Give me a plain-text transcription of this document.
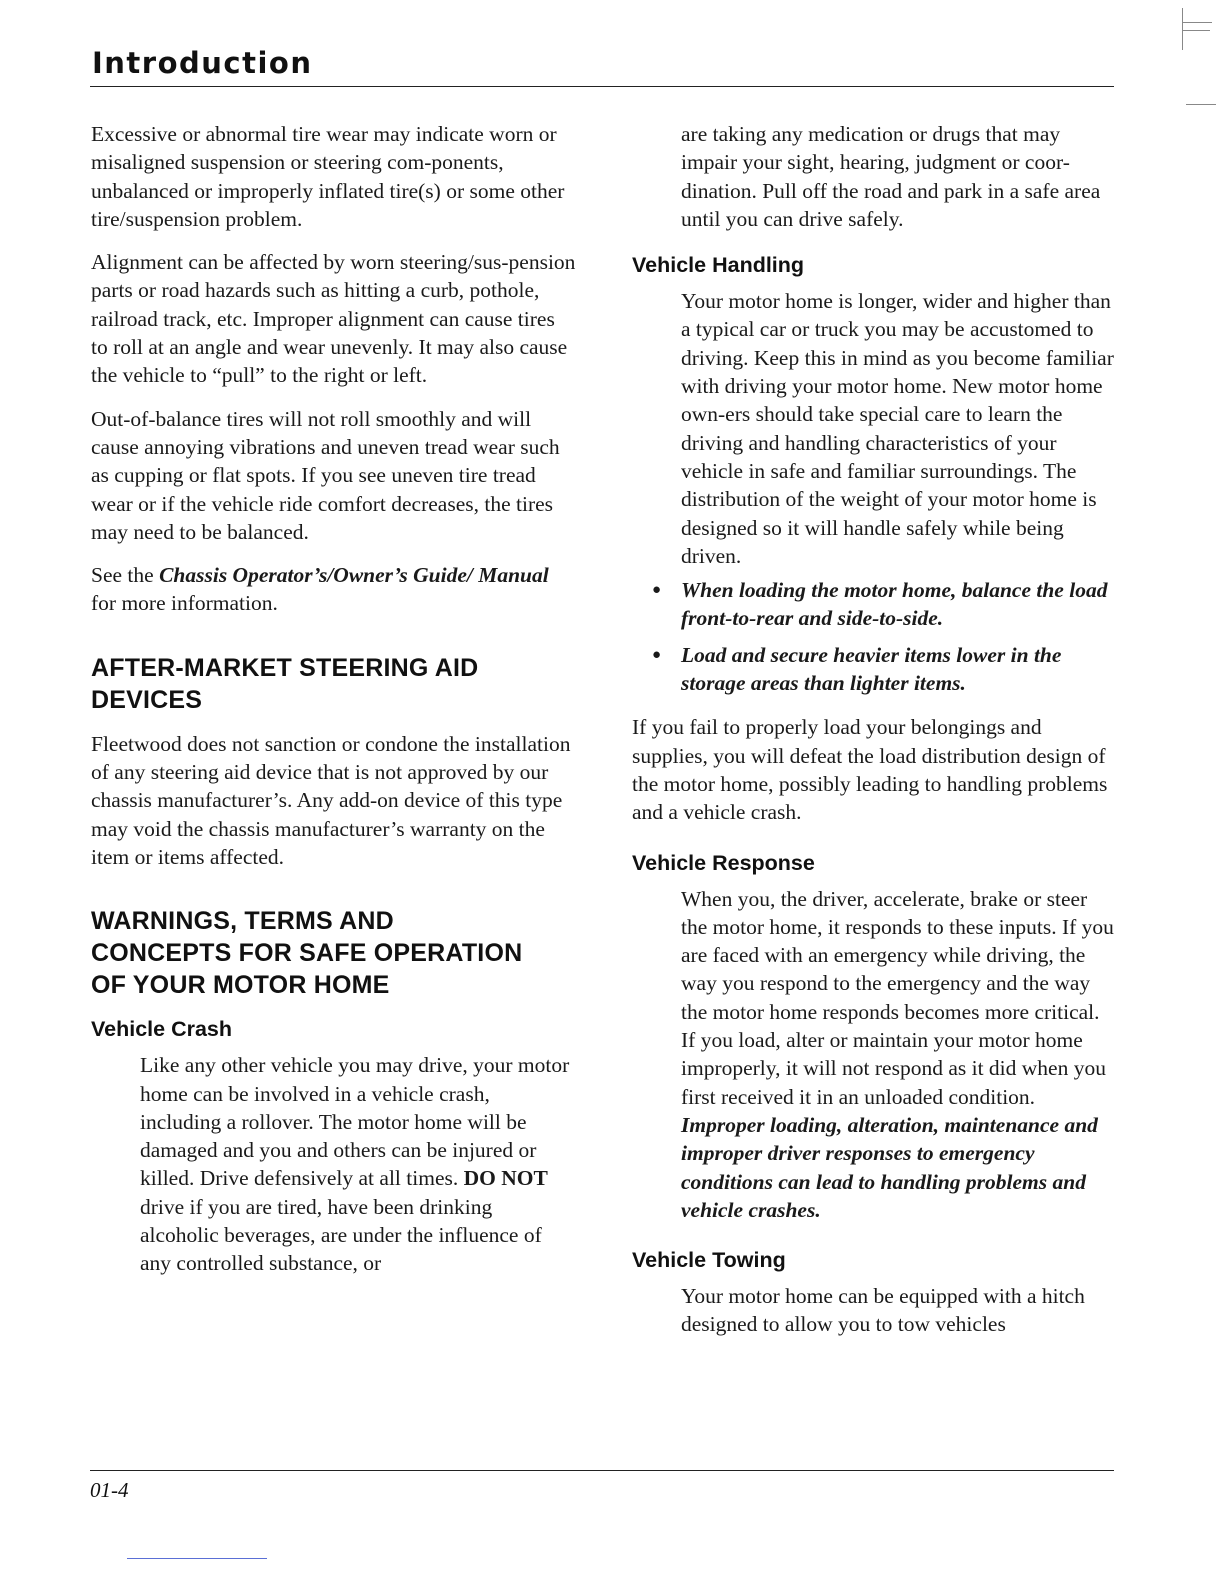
Introduction

Excessive or abnormal tire wear may indicate worn or misaligned suspension or steering com-ponents, unbalanced or improperly inflated tire(s) or some other tire/suspension problem.

Alignment can be affected by worn steering/sus-pension parts or road hazards such as hitting a curb, pothole, railroad track, etc. Improper alignment can cause tires to roll at an angle and wear unevenly. It may also cause the vehicle to “pull” to the right or left.

Out-of-balance tires will not roll smoothly and will cause annoying vibrations and uneven tread wear such as cupping or flat spots. If you see uneven tire tread wear or if the vehicle ride comfort decreases, the tires may need to be balanced.

See the Chassis Operator’s/Owner’s Guide/ Manual for more information.

AFTER-MARKET STEERING AID DEVICES

Fleetwood does not sanction or condone the installation of any steering aid device that is not approved by our chassis manufacturer’s. Any add-on device of this type may void the chassis manufacturer’s warranty on the item or items affected.

WARNINGS, TERMS AND CONCEPTS FOR SAFE OPERATION OF YOUR MOTOR HOME
Vehicle Crash

Like any other vehicle you may drive, your motor home can be involved in a vehicle crash, including a rollover. The motor home will be damaged and you and others can be injured or killed. Drive defensively at all times. DO NOT drive if you are tired, have been drinking alcoholic beverages, are under the influence of any controlled substance, or

are taking any medication or drugs that may impair your sight, hearing, judgment or coor-dination. Pull off the road and park in a safe area until you can drive safely.

Vehicle Handling

Your motor home is longer, wider and higher than a typical car or truck you may be accustomed to driving. Keep this in mind as you become familiar with driving your motor home. New motor home own-ers should take special care to learn the driving and handling characteristics of your vehicle in safe and familiar surroundings. The distribution of the weight of your motor home is designed so it will handle safely while being driven.

● When loading the motor home, balance the load front-to-rear and side-to-side.
● Load and secure heavier items lower in the storage areas than lighter items.

If you fail to properly load your belongings and supplies, you will defeat the load distribution design of the motor home, possibly leading to handling problems and a vehicle crash.

Vehicle Response

When you, the driver, accelerate, brake or steer the motor home, it responds to these inputs. If you are faced with an emergency while driving, the way you respond to the emergency and the way the motor home responds becomes more critical. If you load, alter or maintain your motor home improperly, it will not respond as it did when you first received it in an unloaded condition. Improper loading, alteration, maintenance and improper driver responses to emergency conditions can lead to handling problems and vehicle crashes.

Vehicle Towing

Your motor home can be equipped with a hitch designed to allow you to tow vehicles

01-4
